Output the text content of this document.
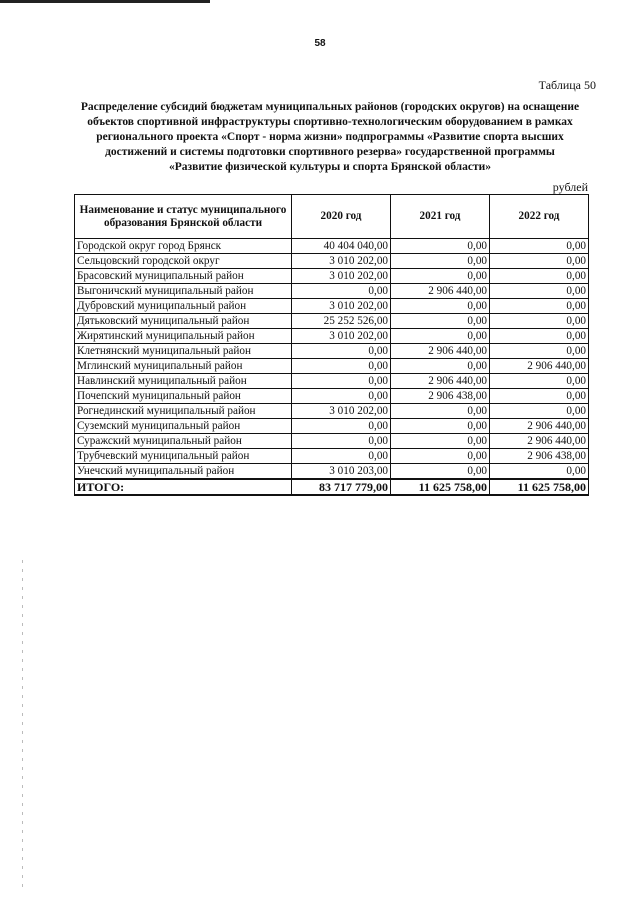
58
Таблица 50
Распределение субсидий бюджетам муниципальных районов (городских округов) на оснащение объектов спортивной инфраструктуры спортивно-технологическим оборудованием в рамках регионального проекта «Спорт - норма жизни» подпрограммы «Развитие спорта высших достижений и системы подготовки спортивного резерва» государственной программы «Развитие физической культуры и спорта Брянской области»
рублей
Наименование и статус муниципального образования Брянской области	2020 год	2021 год	2022 год
Городской округ город Брянск	40 404 040,00	0,00	0,00
Сельцовский городской округ	3 010 202,00	0,00	0,00
Брасовский муниципальный район	3 010 202,00	0,00	0,00
Выгоничский муниципальный район	0,00	2 906 440,00	0,00
Дубровский муниципальный район	3 010 202,00	0,00	0,00
Дятьковский муниципальный район	25 252 526,00	0,00	0,00
Жирятинский муниципальный район	3 010 202,00	0,00	0,00
Клетнянский муниципальный район	0,00	2 906 440,00	0,00
Мглинский муниципальный район	0,00	0,00	2 906 440,00
Навлинский муниципальный район	0,00	2 906 440,00	0,00
Почепский муниципальный район	0,00	2 906 438,00	0,00
Рогнединский муниципальный район	3 010 202,00	0,00	0,00
Суземский муниципальный район	0,00	0,00	2 906 440,00
Суражский муниципальный район	0,00	0,00	2 906 440,00
Трубчевский муниципальный район	0,00	0,00	2 906 438,00
Унечский муниципальный район	3 010 203,00	0,00	0,00
ИТОГО:	83 717 779,00	11 625 758,00	11 625 758,00
